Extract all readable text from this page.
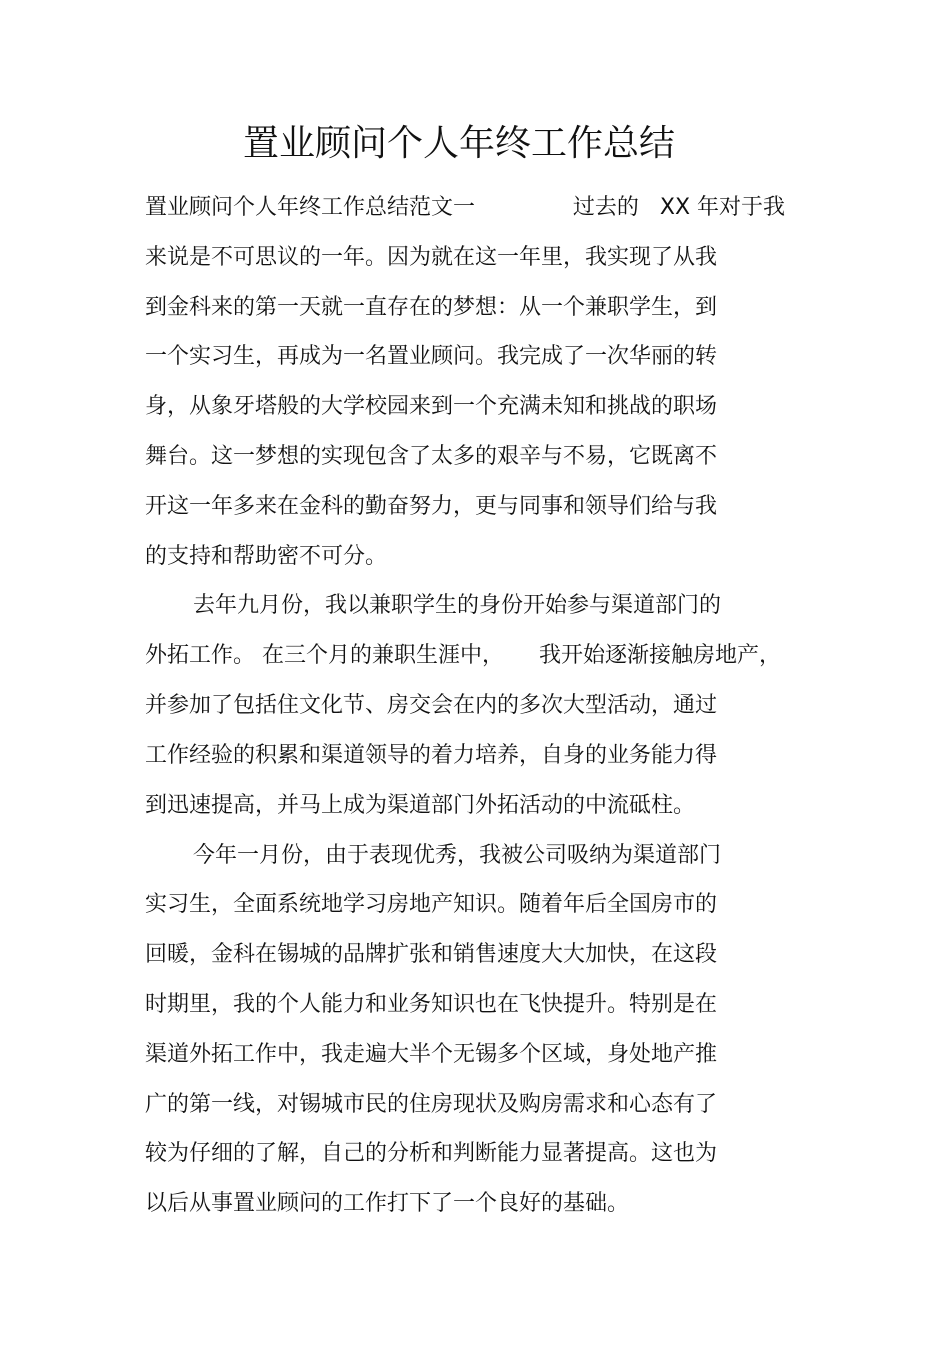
置业顾问个人年终工作总结
置业顾问个人年终工作总结范文一              过去的   XX 年对于我
来说是不可思议的一年。因为就在这一年里，我实现了从我
到金科来的第一天就一直存在的梦想：从一个兼职学生，到
一个实习生，再成为一名置业顾问。我完成了一次华丽的转
身，从象牙塔般的大学校园来到一个充满未知和挑战的职场
舞台。这一梦想的实现包含了太多的艰辛与不易，它既离不
开这一年多来在金科的勤奋努力，更与同事和领导们给与我
的支持和帮助密不可分。
去年九月份，我以兼职学生的身份开始参与渠道部门的
外拓工作。 在三个月的兼职生涯中，     我开始逐渐接触房地产，
并参加了包括住文化节、房交会在内的多次大型活动，通过
工作经验的积累和渠道领导的着力培养，自身的业务能力得
到迅速提高，并马上成为渠道部门外拓活动的中流砥柱。
今年一月份，由于表现优秀，我被公司吸纳为渠道部门
实习生，全面系统地学习房地产知识。随着年后全国房市的
回暖，金科在锡城的品牌扩张和销售速度大大加快，在这段
时期里，我的个人能力和业务知识也在飞快提升。特别是在
渠道外拓工作中，我走遍大半个无锡多个区域，身处地产推
广的第一线，对锡城市民的住房现状及购房需求和心态有了
较为仔细的了解，自己的分析和判断能力显著提高。这也为
以后从事置业顾问的工作打下了一个良好的基础。
